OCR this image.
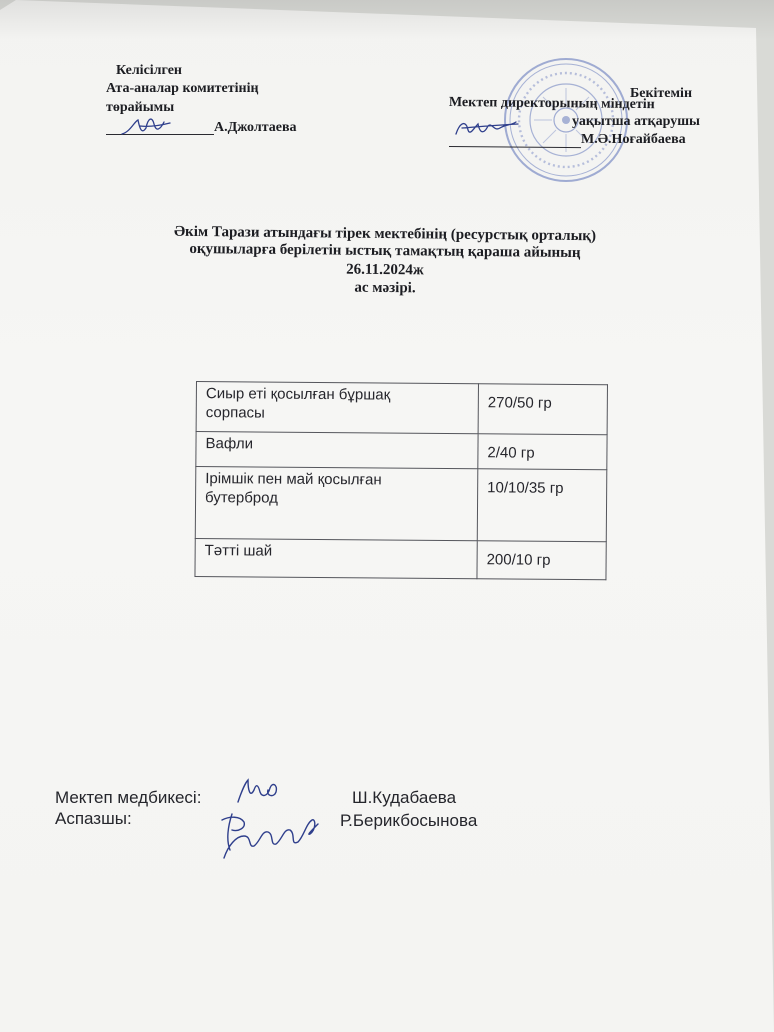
Келісілген
Ата-аналар комитетінің
төрайымы
А.Джолтаева
Бекітемін
Мектеп директорының міндетін
уақытша атқарушы
М.Ә.Ноғайбаева
Әкім Тарази атындағы тірек мектебінің (ресурстық орталық)
оқушыларға берілетін ыстық тамақтың қараша айының
26.11.2024ж
ас мәзірі.
Сиыр еті қосылған бұршақ
сорпасы	270/50 гр
Вафли	2/40 гр
Ірімшік пен май қосылған
бутерброд	10/10/35 гр
Тәтті шай	200/10 гр
Мектеп медбикесі:	Ш.Кудабаева
Аспазшы:	Р.Берикбосынова
